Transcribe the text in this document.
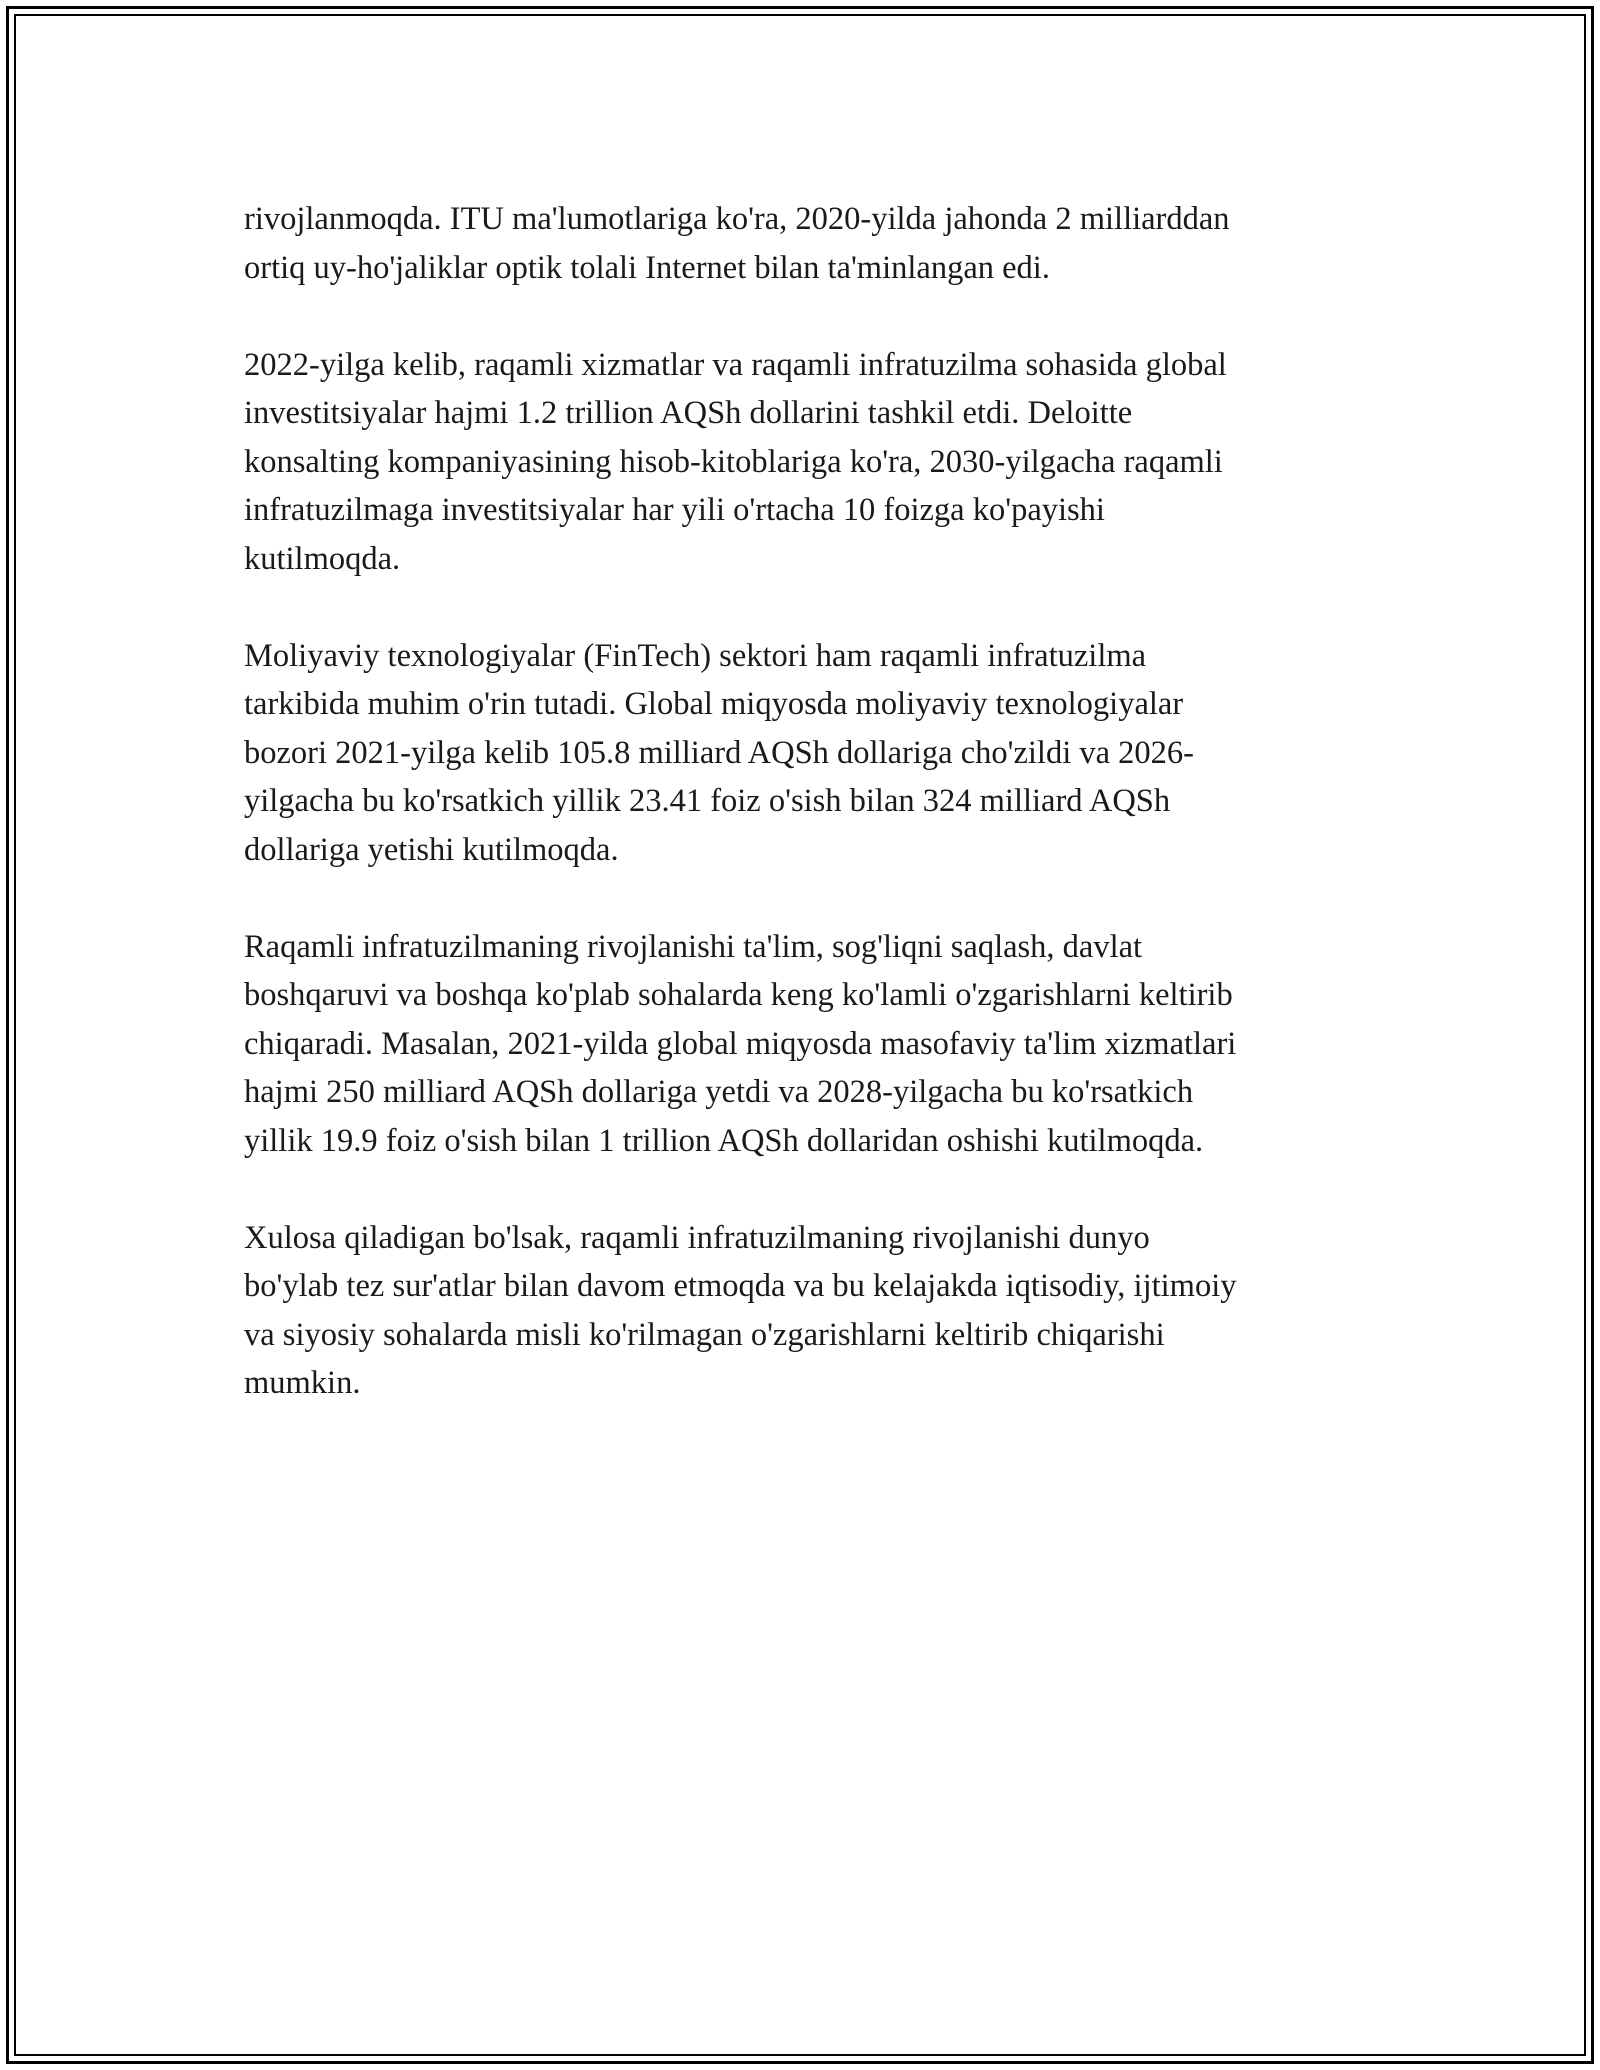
rivojlanmoqda. ITU ma'lumotlariga ko'ra, 2020-yilda jahonda 2 milliarddan
ortiq uy-ho'jaliklar optik tolali Internet bilan ta'minlangan edi.

2022-yilga kelib, raqamli xizmatlar va raqamli infratuzilma sohasida global
investitsiyalar hajmi 1.2 trillion AQSh dollarini tashkil etdi. Deloitte
konsalting kompaniyasining hisob-kitoblariga ko'ra, 2030-yilgacha raqamli
infratuzilmaga investitsiyalar har yili o'rtacha 10 foizga ko'payishi
kutilmoqda.

Moliyaviy texnologiyalar (FinTech) sektori ham raqamli infratuzilma
tarkibida muhim o'rin tutadi. Global miqyosda moliyaviy texnologiyalar
bozori 2021-yilga kelib 105.8 milliard AQSh dollariga cho'zildi va 2026-
yilgacha bu ko'rsatkich yillik 23.41 foiz o'sish bilan 324 milliard AQSh
dollariga yetishi kutilmoqda.

Raqamli infratuzilmaning rivojlanishi ta'lim, sog'liqni saqlash, davlat
boshqaruvi va boshqa ko'plab sohalarda keng ko'lamli o'zgarishlarni keltirib
chiqaradi. Masalan, 2021-yilda global miqyosda masofaviy ta'lim xizmatlari
hajmi 250 milliard AQSh dollariga yetdi va 2028-yilgacha bu ko'rsatkich
yillik 19.9 foiz o'sish bilan 1 trillion AQSh dollaridan oshishi kutilmoqda.

Xulosa qiladigan bo'lsak, raqamli infratuzilmaning rivojlanishi dunyo
bo'ylab tez sur'atlar bilan davom etmoqda va bu kelajakda iqtisodiy, ijtimoiy
va siyosiy sohalarda misli ko'rilmagan o'zgarishlarni keltirib chiqarishi
mumkin.
